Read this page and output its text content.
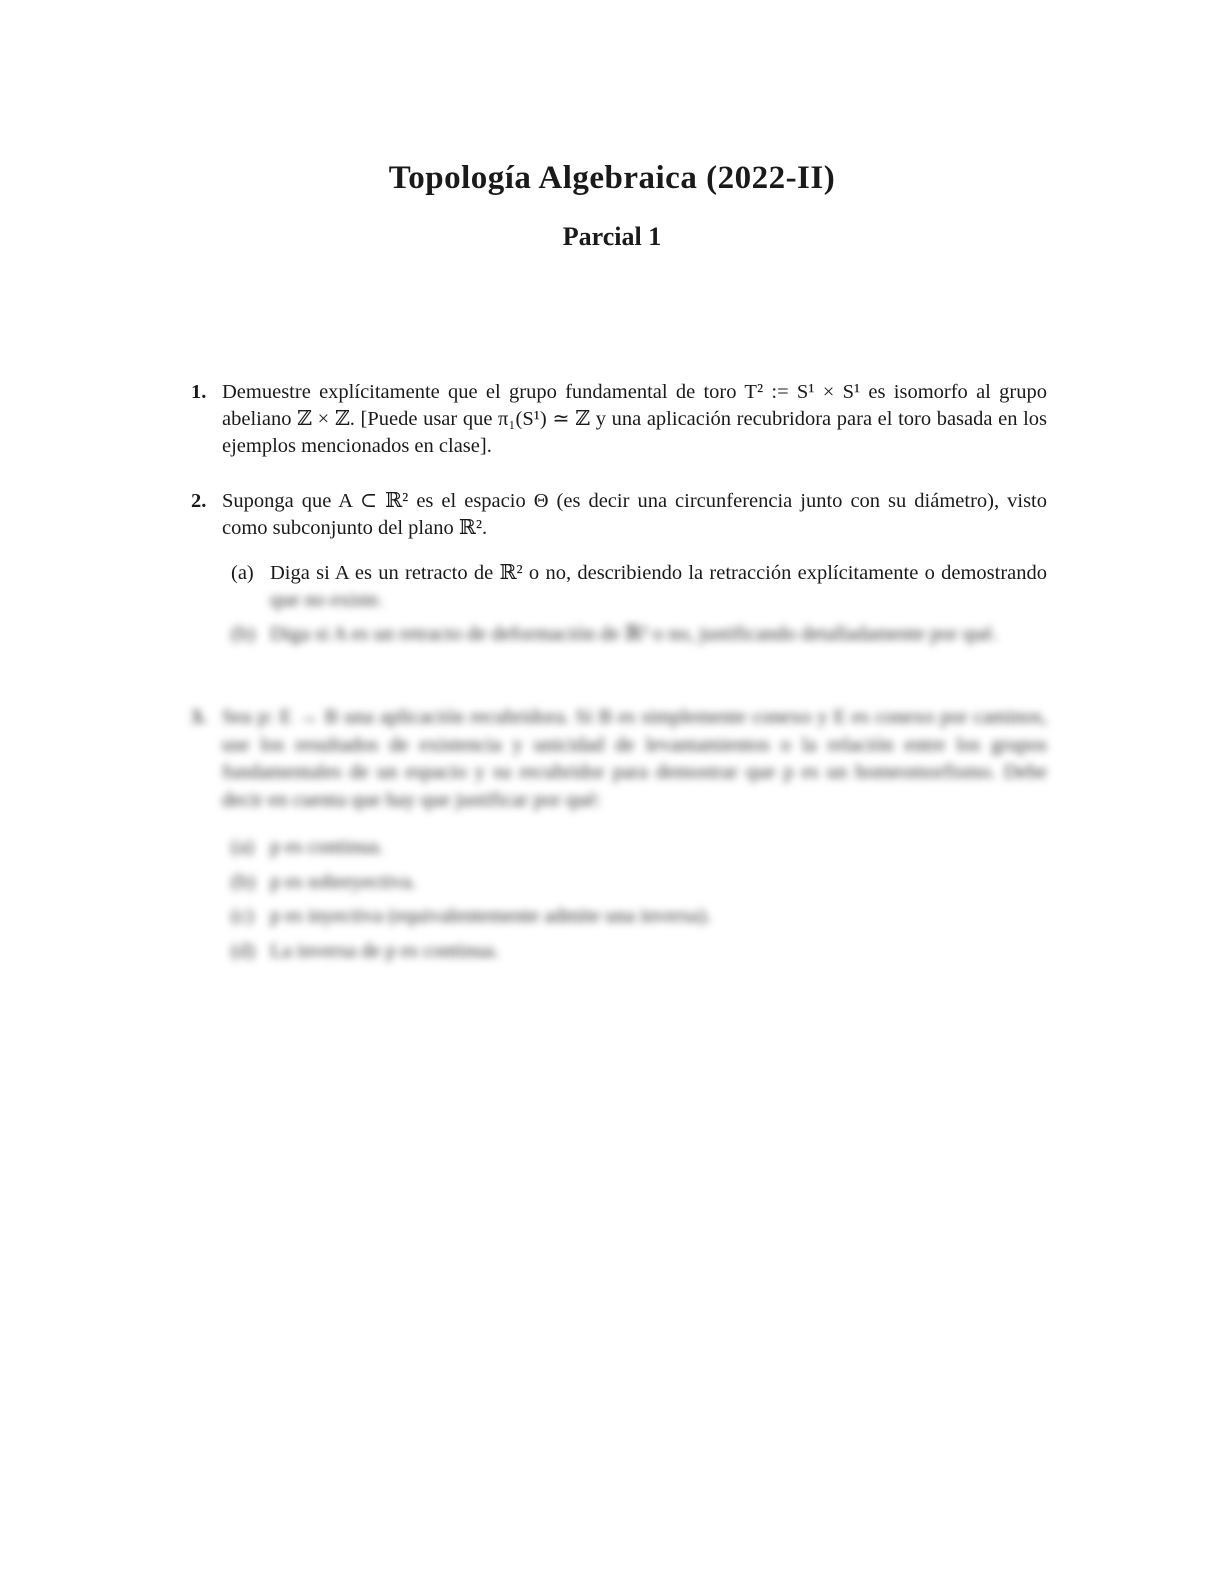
Topología Algebraica (2022-II)
Parcial 1
1. Demuestre explícitamente que el grupo fundamental de toro T² := S¹ × S¹ es isomorfo al grupo abeliano ℤ × ℤ. [Puede usar que π₁(S¹) ≃ ℤ y una aplicación recubridora para el toro basada en los ejemplos mencionados en clase].
2. Suponga que A ⊂ ℝ² es el espacio Θ (es decir una circunferencia junto con su diámetro), visto como subconjunto del plano ℝ².
(a) Diga si A es un retracto de ℝ² o no, describiendo la retracción explícitamente o demostrando
que no existe.
(b) Diga si A es un retracto de deformación de ℝ² o no, justificando detalladamente por qué.
3. Sea p: E → B una aplicación recubridora. Si B es simplemente conexo y E es conexo por caminos, use los resultados de existencia y unicidad de levantamientos o la relación entre los grupos fundamentales de un espacio y su recubridor para demostrar que p es un homeomorfismo. Debe decir en cuenta que hay que justificar por qué:
(a) p es continua.
(b) p es sobreyectiva.
(c) p es inyectiva (equivalentemente admite una inversa).
(d) La inversa de p es continua.
